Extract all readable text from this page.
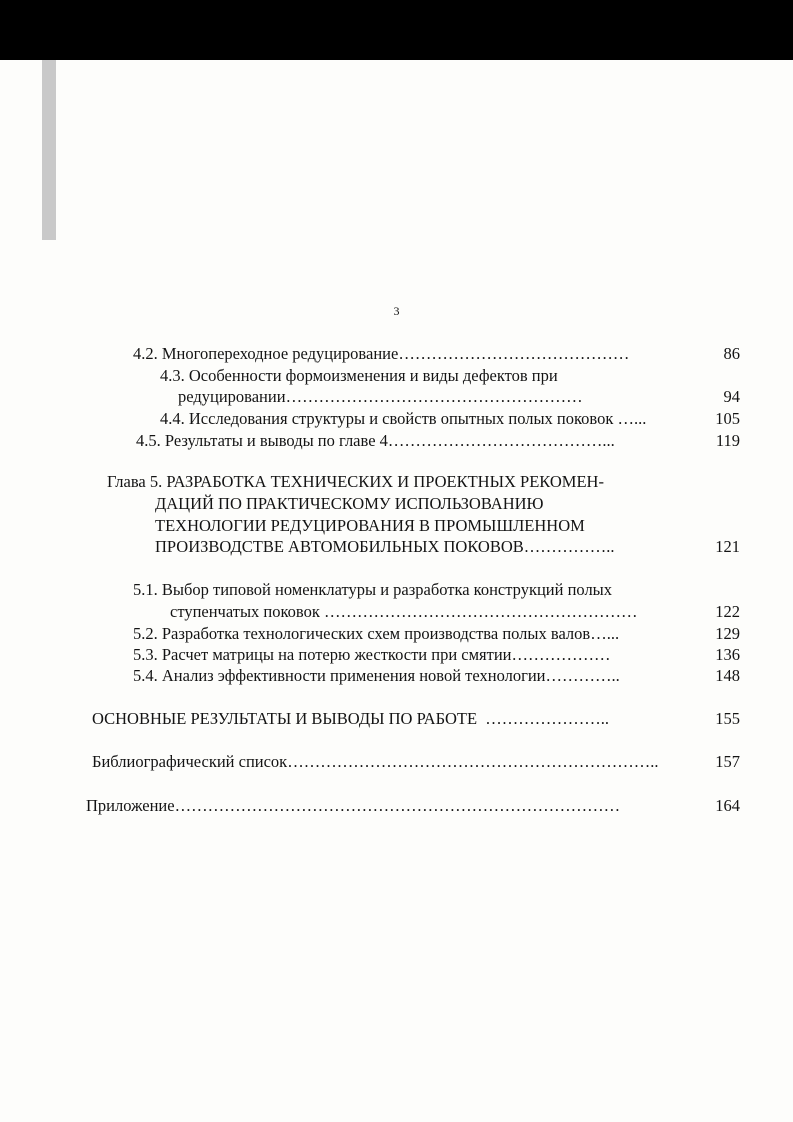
3
4.2. Многопереходное редуцирование……………………………………	86
4.3. Особенности формоизменения и виды дефектов при
редуцировании………………………………………………	94
4.4. Исследования структуры и свойств опытных полых поковок …...	105
4.5. Результаты и выводы по главе 4…………………………………...	119
Глава 5. РАЗРАБОТКА ТЕХНИЧЕСКИХ И ПРОЕКТНЫХ РЕКОМЕН-
ДАЦИЙ ПО ПРАКТИЧЕСКОМУ ИСПОЛЬЗОВАНИЮ
ТЕХНОЛОГИИ РЕДУЦИРОВАНИЯ В ПРОМЫШЛЕННОМ
ПРОИЗВОДСТВЕ АВТОМОБИЛЬНЫХ ПОКОВОВ……………..	121
5.1. Выбор типовой номенклатуры и разработка конструкций полых
ступенчатых поковок …………………………………………………	122
5.2. Разработка технологических схем производства полых валов…...	129
5.3. Расчет матрицы на потерю жесткости при смятии………………	136
5.4. Анализ эффективности применения новой технологии…………..	148
ОСНОВНЫЕ РЕЗУЛЬТАТЫ И ВЫВОДЫ ПО РАБОТЕ …………………..	155
Библиографический список…………………………………………………………..	157
Приложение………………………………………………………………………	164
